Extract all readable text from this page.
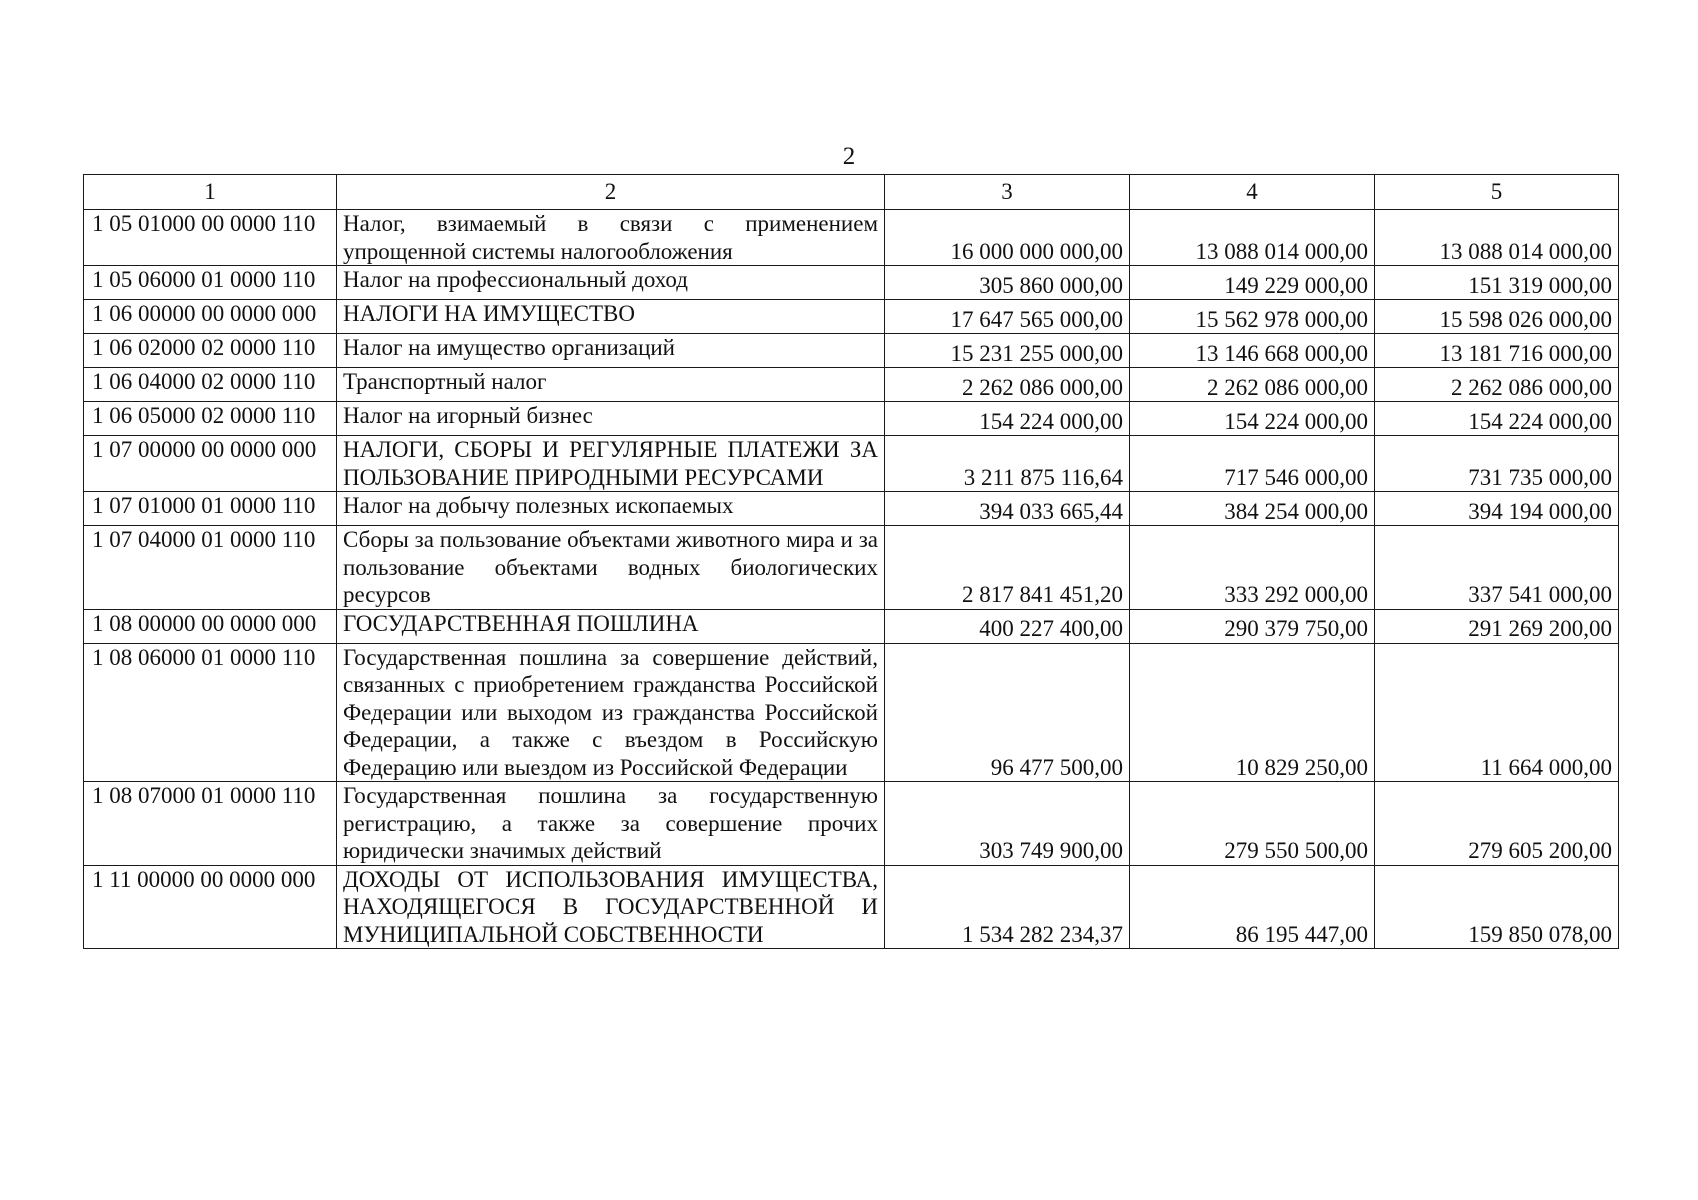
2
1	2	3	4	5
1 05 01000 00 0000 110	Налог, взимаемый в связи с применением упрощенной системы налогообложения	16 000 000 000,00	13 088 014 000,00	13 088 014 000,00
1 05 06000 01 0000 110	Налог на профессиональный доход	305 860 000,00	149 229 000,00	151 319 000,00
1 06 00000 00 0000 000	НАЛОГИ НА ИМУЩЕСТВО	17 647 565 000,00	15 562 978 000,00	15 598 026 000,00
1 06 02000 02 0000 110	Налог на имущество организаций	15 231 255 000,00	13 146 668 000,00	13 181 716 000,00
1 06 04000 02 0000 110	Транспортный налог	2 262 086 000,00	2 262 086 000,00	2 262 086 000,00
1 06 05000 02 0000 110	Налог на игорный бизнес	154 224 000,00	154 224 000,00	154 224 000,00
1 07 00000 00 0000 000	НАЛОГИ, СБОРЫ И РЕГУЛЯРНЫЕ ПЛАТЕЖИ ЗА ПОЛЬЗОВАНИЕ ПРИРОДНЫМИ РЕСУРСАМИ	3 211 875 116,64	717 546 000,00	731 735 000,00
1 07 01000 01 0000 110	Налог на добычу полезных ископаемых	394 033 665,44	384 254 000,00	394 194 000,00
1 07 04000 01 0000 110	Сборы за пользование объектами животного мира и за пользование объектами водных биологических ресурсов	2 817 841 451,20	333 292 000,00	337 541 000,00
1 08 00000 00 0000 000	ГОСУДАРСТВЕННАЯ ПОШЛИНА	400 227 400,00	290 379 750,00	291 269 200,00
1 08 06000 01 0000 110	Государственная пошлина за совершение действий, связанных с приобретением гражданства Российской Федерации или выходом из гражданства Российской Федерации, а также с въездом в Российскую Федерацию или выездом из Российской Федерации	96 477 500,00	10 829 250,00	11 664 000,00
1 08 07000 01 0000 110	Государственная пошлина за государственную регистрацию, а также за совершение прочих юридически значимых действий	303 749 900,00	279 550 500,00	279 605 200,00
1 11 00000 00 0000 000	ДОХОДЫ ОТ ИСПОЛЬЗОВАНИЯ ИМУЩЕСТВА, НАХОДЯЩЕГОСЯ В ГОСУДАРСТВЕННОЙ И МУНИЦИПАЛЬНОЙ СОБСТВЕННОСТИ	1 534 282 234,37	86 195 447,00	159 850 078,00
